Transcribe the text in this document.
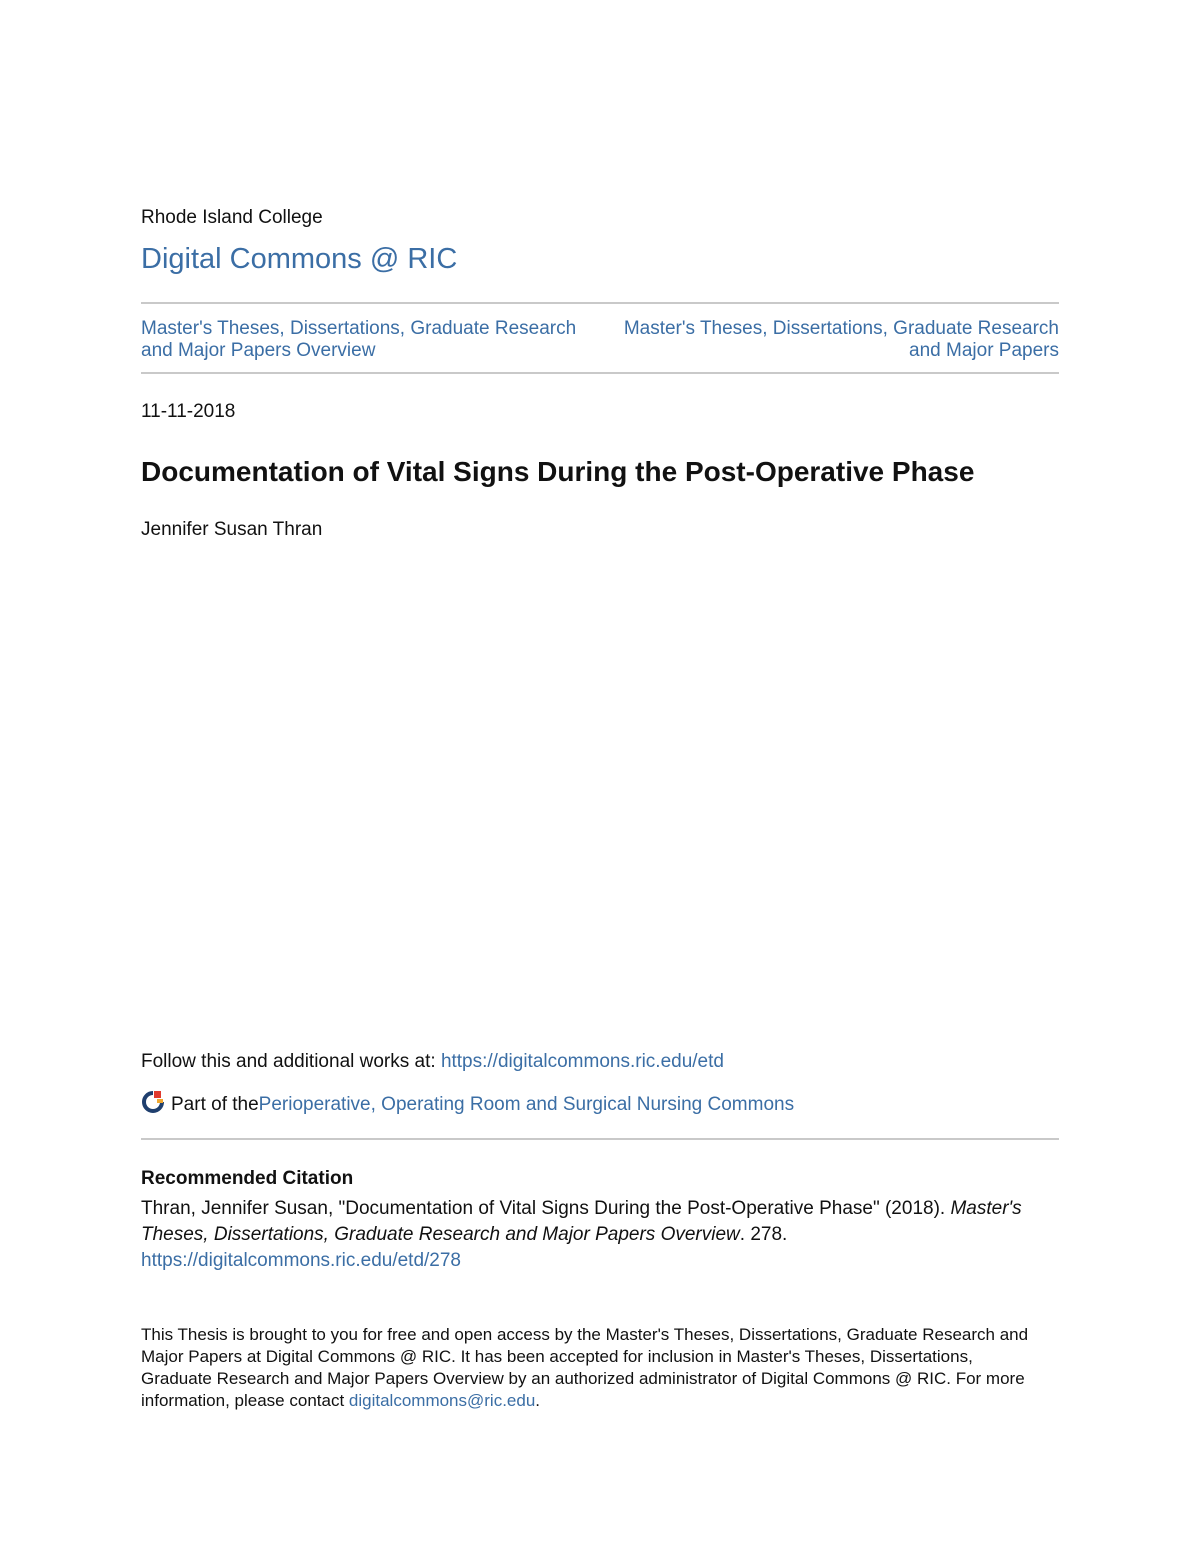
Rhode Island College
Digital Commons @ RIC
Master's Theses, Dissertations, Graduate Research and Major Papers Overview
Master's Theses, Dissertations, Graduate Research and Major Papers
11-11-2018
Documentation of Vital Signs During the Post-Operative Phase
Jennifer Susan Thran
Follow this and additional works at: https://digitalcommons.ric.edu/etd
Part of the Perioperative, Operating Room and Surgical Nursing Commons
Recommended Citation
Thran, Jennifer Susan, "Documentation of Vital Signs During the Post-Operative Phase" (2018). Master's Theses, Dissertations, Graduate Research and Major Papers Overview. 278.
https://digitalcommons.ric.edu/etd/278
This Thesis is brought to you for free and open access by the Master's Theses, Dissertations, Graduate Research and Major Papers at Digital Commons @ RIC. It has been accepted for inclusion in Master's Theses, Dissertations, Graduate Research and Major Papers Overview by an authorized administrator of Digital Commons @ RIC. For more information, please contact digitalcommons@ric.edu.
